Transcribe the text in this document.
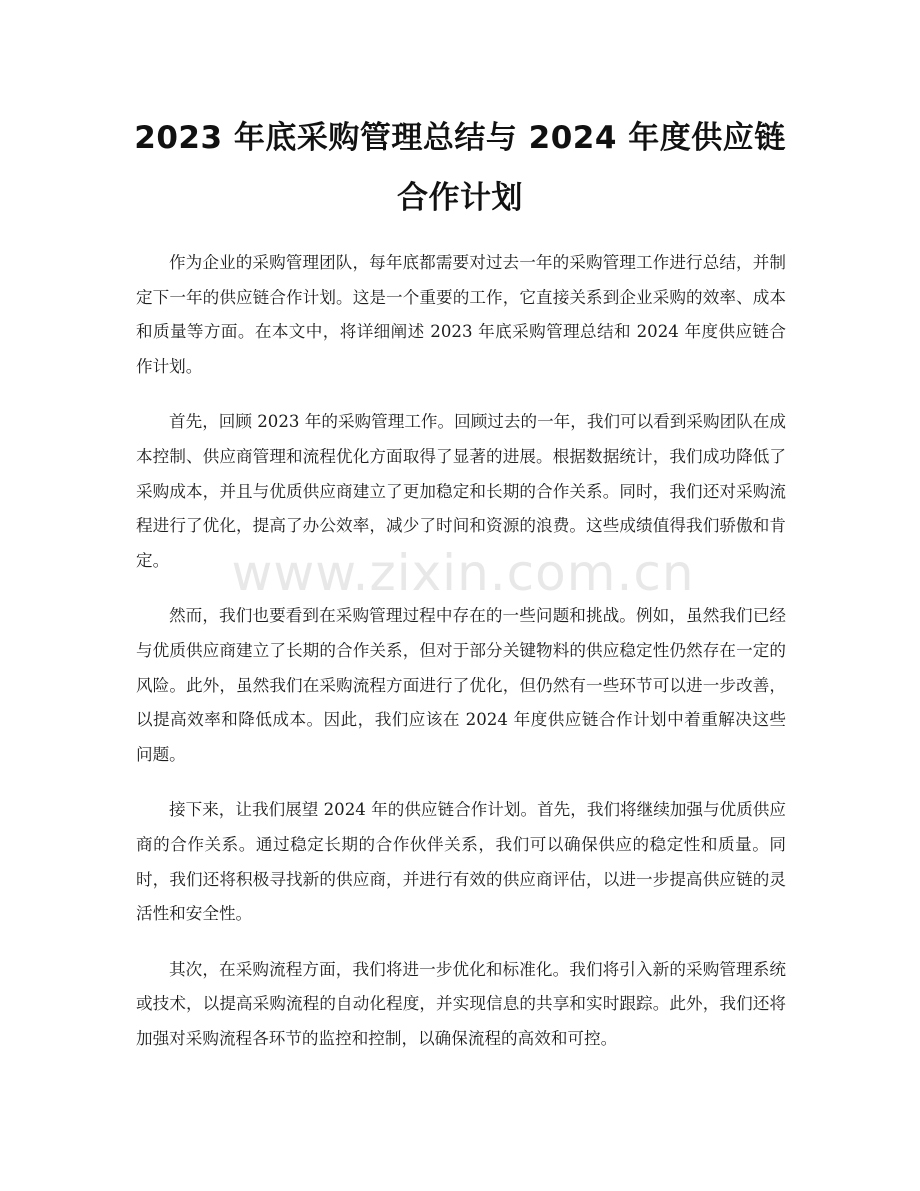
2023 年底采购管理总结与 2024 年度供应链
合作计划

作为企业的采购管理团队，每年底都需要对过去一年的采购管理工作进行总结，并制定下一年的供应链合作计划。这是一个重要的工作，它直接关系到企业采购的效率、成本和质量等方面。在本文中，将详细阐述 2023 年底采购管理总结和 2024 年度供应链合作计划。

首先，回顾 2023 年的采购管理工作。回顾过去的一年，我们可以看到采购团队在成本控制、供应商管理和流程优化方面取得了显著的进展。根据数据统计，我们成功降低了采购成本，并且与优质供应商建立了更加稳定和长期的合作关系。同时，我们还对采购流程进行了优化，提高了办公效率，减少了时间和资源的浪费。这些成绩值得我们骄傲和肯定。

然而，我们也要看到在采购管理过程中存在的一些问题和挑战。例如，虽然我们已经与优质供应商建立了长期的合作关系，但对于部分关键物料的供应稳定性仍然存在一定的风险。此外，虽然我们在采购流程方面进行了优化，但仍然有一些环节可以进一步改善，以提高效率和降低成本。因此，我们应该在 2024 年度供应链合作计划中着重解决这些问题。

接下来，让我们展望 2024 年的供应链合作计划。首先，我们将继续加强与优质供应商的合作关系。通过稳定长期的合作伙伴关系，我们可以确保供应的稳定性和质量。同时，我们还将积极寻找新的供应商，并进行有效的供应商评估，以进一步提高供应链的灵活性和安全性。

其次，在采购流程方面，我们将进一步优化和标准化。我们将引入新的采购管理系统或技术，以提高采购流程的自动化程度，并实现信息的共享和实时跟踪。此外，我们还将加强对采购流程各环节的监控和控制，以确保流程的高效和可控。

www.zixin.com.cn
